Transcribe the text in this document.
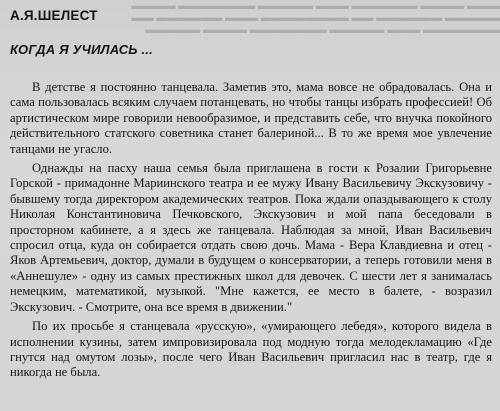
▬▬▬ ▬▬▬▬ ▬▬▬▬▬▬ ▬▬▬ ▬▬▬▬▬ ▬▬▬▬▬▬▬ ▬▬▬▬
▬▬▬▬▬ ▬▬▬▬▬▬ ▬▬ ▬▬▬▬▬▬▬▬ ▬▬▬ ▬▬▬▬▬▬ ▬▬
▬▬▬▬▬▬▬ ▬▬▬ ▬▬▬▬▬ ▬▬▬▬▬▬▬ ▬▬▬▬ ▬▬▬▬▬
А.Я.ШЕЛЕСТ
КОГДА Я УЧИЛАСЬ ...

В детстве я постоянно танцевала. Заметив это, мама вовсе не обрадовалась. Она и сама пользовалась всяким случаем потанцевать, но чтобы танцы избрать профессией! Об артистическом мире говорили невообразимое, и представить себе, что внучка покойного действительного статского советника станет балериной... В то же время мое увлечение танцами не угасло.

Однажды на пасху наша семья была приглашена в гости к Розалии Григорьевне Горской - примадонне Мариинского театра и ее мужу Ивану Васильевичу Экскузовичу - бывшему тогда директором академических театров. Пока ждали опаздывающего к столу Николая Константиновича Печковского, Экскузович и мой папа беседовали в просторном кабинете, а я здесь же танцевала. Наблюдая за мной, Иван Васильевич спросил отца, куда он собирается отдать свою дочь. Мама - Вера Клавдиевна и отец - Яков Артемьевич, доктор, думали в будущем о консерватории, а теперь готовили меня в «Аннешуле» - одну из самых престижных школ для девочек. С шести лет я занималась немецким, математикой, музыкой. "Мне кажется, ее место в балете, - возразил Экскузович. - Смотрите, она все время в движении."

По их просьбе я станцевала «русскую», «умирающего лебедя», которого видела в исполнении кузины, затем импровизировала под модную тогда мелодекламацию «Где гнутся над омутом лозы», после чего Иван Васильевич пригласил нас в театр, где я никогда не была.
